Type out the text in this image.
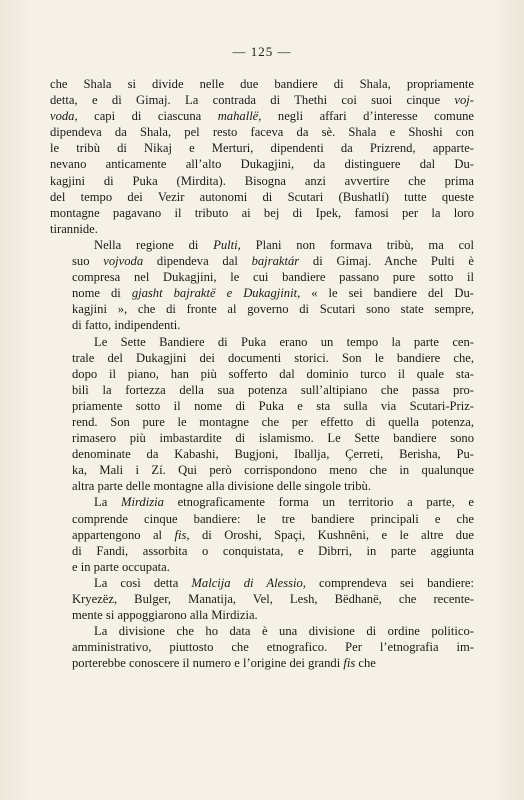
— 125 —
che Shala si divide nelle due bandiere di Shala, propriamente
detta, e di Gimaj. La contrada di Thethi coi suoi cinque voj-
voda, capi di ciascuna mahallë, negli affari d’interesse comune
dipendeva da Shala, pel resto faceva da sè. Shala e Shoshi con
le tribù di Nikaj e Merturi, dipendenti da Prizrend, apparte-
nevano anticamente all’alto Dukagjini, da distinguere dal Du-
kagjini di Puka (Mirdita). Bisogna anzi avvertire che prima
del tempo dei Vezir autonomi di Scutari (Bushatlí) tutte queste
montagne pagavano il tributo ai bej di Ipek, famosi per la loro
tirannide.
Nella regione di Pulti, Plani non formava tribù, ma col
suo vojvoda dipendeva dal bajraktár di Gimaj. Anche Pulti è
compresa nel Dukagjini, le cui bandiere passano pure sotto il
nome di gjasht bajraktë e Dukagjinit, « le sei bandiere del Du-
kagjini », che di fronte al governo di Scutari sono state sempre,
di fatto, indipendenti.
Le Sette Bandiere di Puka erano un tempo la parte cen-
trale del Dukagjini dei documenti storici. Son le bandiere che,
dopo il piano, han più sofferto dal dominio turco il quale sta-
bilì la fortezza della sua potenza sull’altipiano che passa pro-
priamente sotto il nome di Puka e sta sulla via Scutari-Priz-
rend. Son pure le montagne che per effetto di quella potenza,
rimasero più imbastardite di islamismo. Le Sette bandiere sono
denominate da Kabashi, Bugjoni, Iballja, Çerreti, Berisha, Pu-
ka, Mali i Zí. Qui però corrispondono meno che in qualunque
altra parte delle montagne alla divisione delle singole tribù.
La Mirdizia etnograficamente forma un territorio a parte, e
comprende cinque bandiere: le tre bandiere principali e che
appartengono al fis, di Oroshi, Spaçi, Kushnêni, e le altre due
di Fandi, assorbita o conquistata, e Dibrri, in parte aggiunta
e in parte occupata.
La così detta Malcija di Alessio, comprendeva sei bandiere:
Kryezëz, Bulger, Manatija, Vel, Lesh, Bëdhanë, che recente-
mente si appoggiarono alla Mirdizia.
La divisione che ho data è una divisione di ordine politico-
amministrativo, piuttosto che etnografico. Per l’etnografia im-
porterebbe conoscere il numero e l’origine dei grandi fis che
